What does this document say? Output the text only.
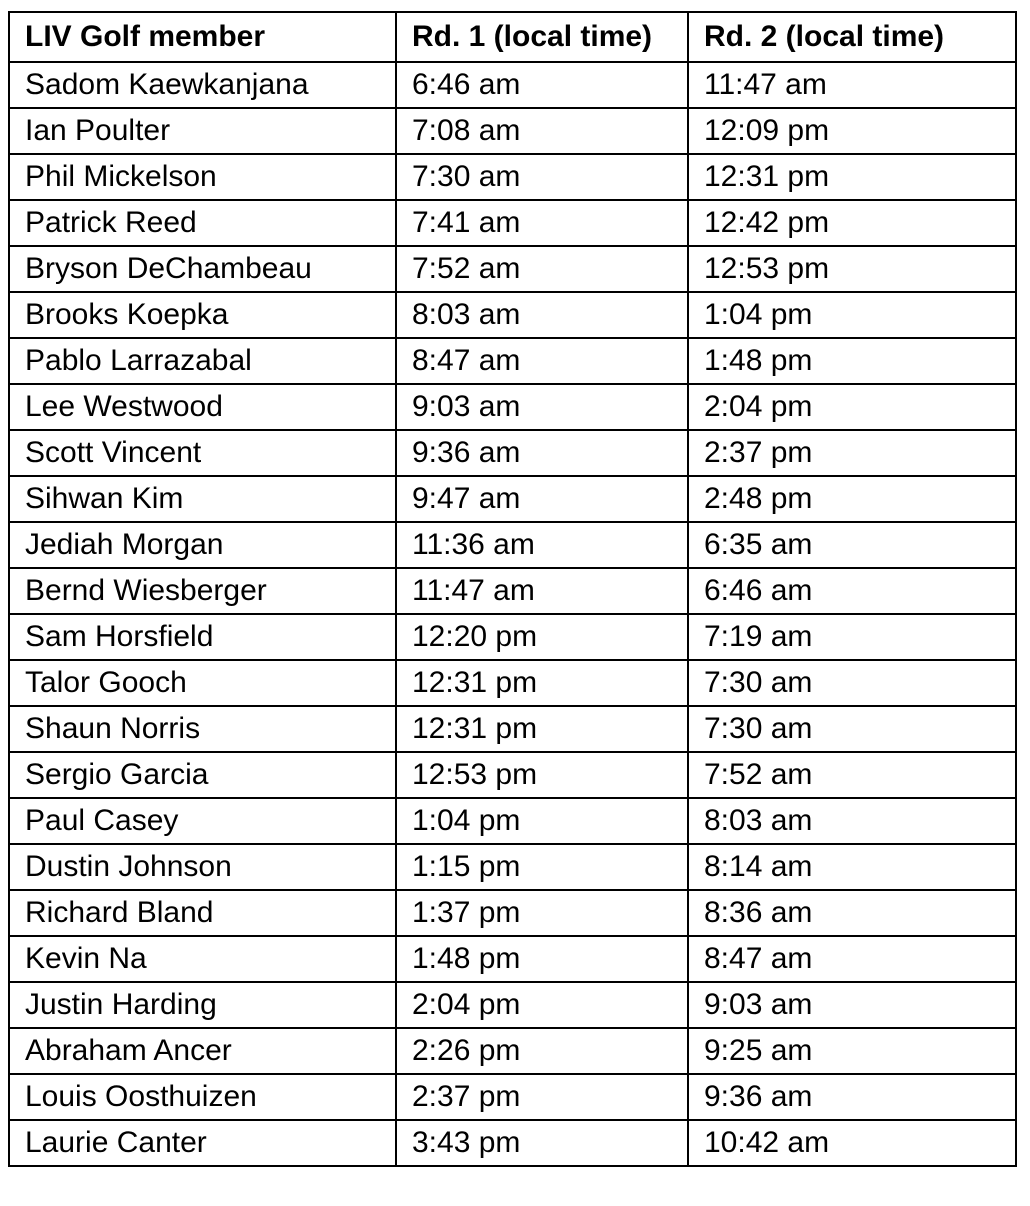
LIV Golf member	Rd. 1 (local time)	Rd. 2 (local time)
Sadom Kaewkanjana	6:46 am	11:47 am
Ian Poulter	7:08 am	12:09 pm
Phil Mickelson	7:30 am	12:31 pm
Patrick Reed	7:41 am	12:42 pm
Bryson DeChambeau	7:52 am	12:53 pm
Brooks Koepka	8:03 am	1:04 pm
Pablo Larrazabal	8:47 am	1:48 pm
Lee Westwood	9:03 am	2:04 pm
Scott Vincent	9:36 am	2:37 pm
Sihwan Kim	9:47 am	2:48 pm
Jediah Morgan	11:36 am	6:35 am
Bernd Wiesberger	11:47 am	6:46 am
Sam Horsfield	12:20 pm	7:19 am
Talor Gooch	12:31 pm	7:30 am
Shaun Norris	12:31 pm	7:30 am
Sergio Garcia	12:53 pm	7:52 am
Paul Casey	1:04 pm	8:03 am
Dustin Johnson	1:15 pm	8:14 am
Richard Bland	1:37 pm	8:36 am
Kevin Na	1:48 pm	8:47 am
Justin Harding	2:04 pm	9:03 am
Abraham Ancer	2:26 pm	9:25 am
Louis Oosthuizen	2:37 pm	9:36 am
Laurie Canter	3:43 pm	10:42 am
